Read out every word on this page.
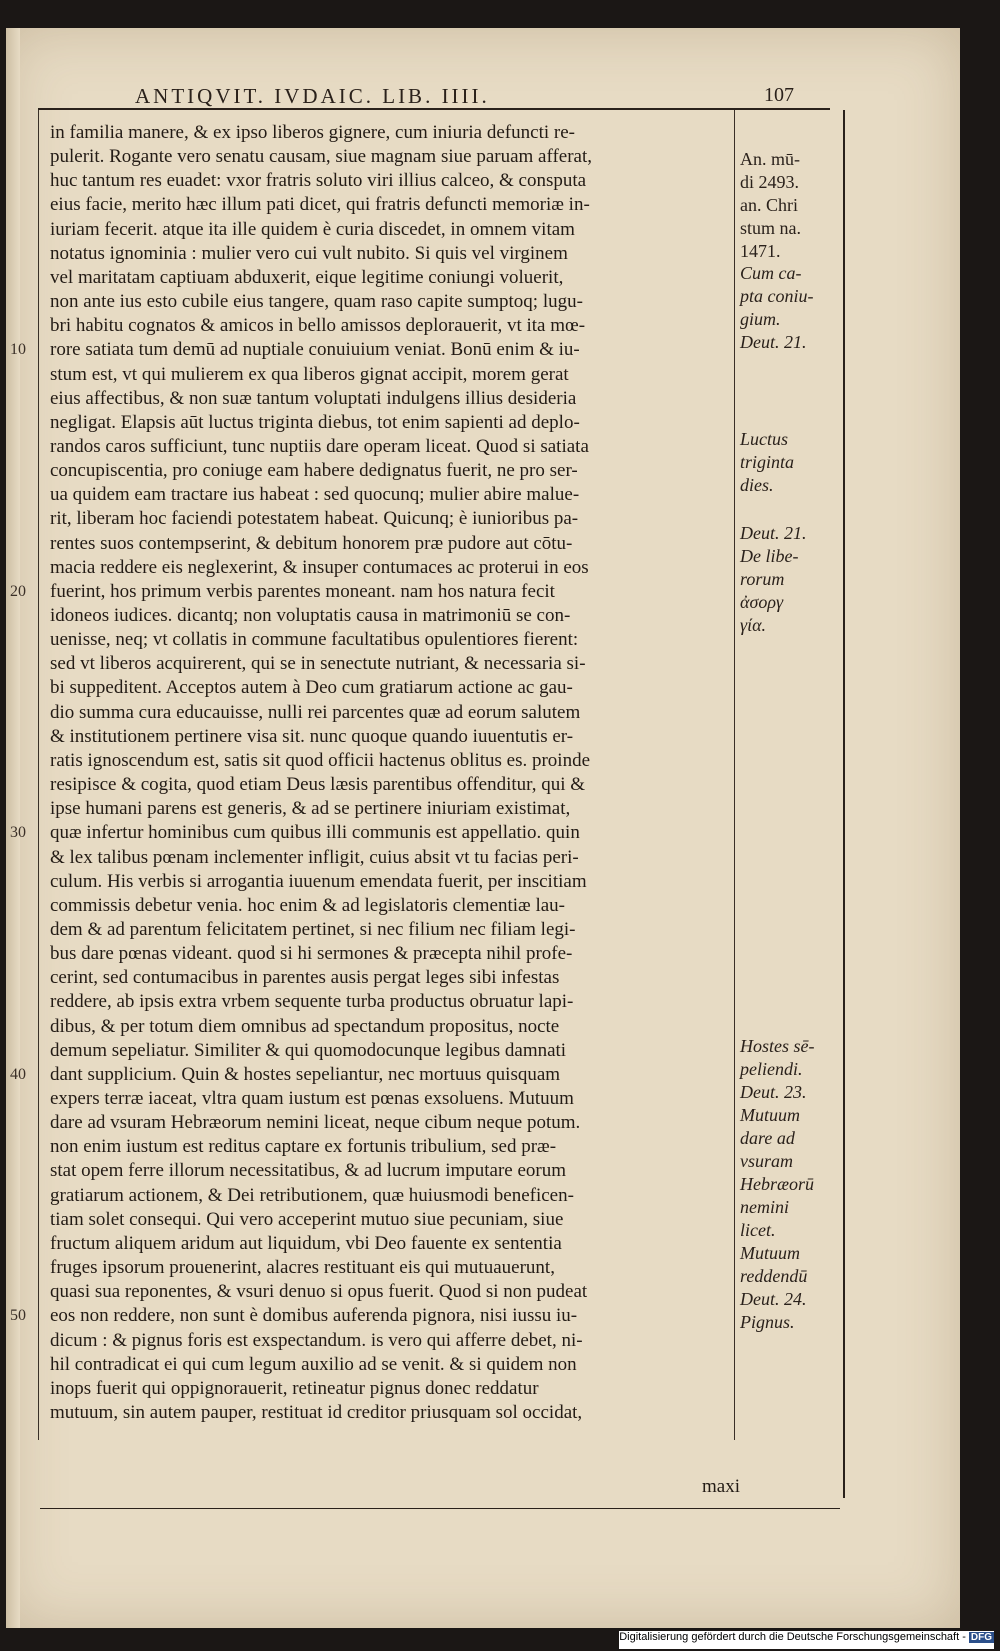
ANTIQVIT. IVDAIC. LIB. IIII.	107
in familia manere, & ex ipso liberos gignere, cum iniuria defuncti re-
pulerit. Rogante vero senatu causam, siue magnam siue paruam afferat,
huc tantum res euadet: vxor fratris soluto viri illius calceo, & consputa
eius facie, merito hæc illum pati dicet, qui fratris defuncti memoriæ in-
iuriam fecerit. atque ita ille quidem è curia discedet, in omnem vitam
notatus ignominia : mulier vero cui vult nubito. Si quis vel virginem
vel maritatam captiuam abduxerit, eique legitime coniungi voluerit,
non ante ius esto cubile eius tangere, quam raso capite sumptoq; lugu-
bri habitu cognatos & amicos in bello amissos deplorauerit, vt ita mœ-
rore satiata tum demū ad nuptiale conuiuium veniat. Bonū enim & iu-
stum est, vt qui mulierem ex qua liberos gignat accipit, morem gerat
eius affectibus, & non suæ tantum voluptati indulgens illius desideria
negligat. Elapsis aūt luctus triginta diebus, tot enim sapienti ad deplo-
randos caros sufficiunt, tunc nuptiis dare operam liceat. Quod si satiata
concupiscentia, pro coniuge eam habere dedignatus fuerit, ne pro ser-
ua quidem eam tractare ius habeat : sed quocunq; mulier abire malue-
rit, liberam hoc faciendi potestatem habeat. Quicunq; è iunioribus pa-
rentes suos contempserint, & debitum honorem præ pudore aut cōtu-
macia reddere eis neglexerint, & insuper contumaces ac proterui in eos
fuerint, hos primum verbis parentes moneant. nam hos natura fecit
idoneos iudices. dicantq; non voluptatis causa in matrimoniū se con-
uenisse, neq; vt collatis in commune facultatibus opulentiores fierent:
sed vt liberos acquirerent, qui se in senectute nutriant, & necessaria si-
bi suppeditent. Acceptos autem à Deo cum gratiarum actione ac gau-
dio summa cura educauisse, nulli rei parcentes quæ ad eorum salutem
& institutionem pertinere visa sit. nunc quoque quando iuuentutis er-
ratis ignoscendum est, satis sit quod officii hactenus oblitus es. proinde
resipisce & cogita, quod etiam Deus læsis parentibus offenditur, qui &
ipse humani parens est generis, & ad se pertinere iniuriam existimat,
quæ infertur hominibus cum quibus illi communis est appellatio. quin
& lex talibus pœnam inclementer infligit, cuius absit vt tu facias peri-
culum. His verbis si arrogantia iuuenum emendata fuerit, per inscitiam
commissis debetur venia. hoc enim & ad legislatoris clementiæ lau-
dem & ad parentum felicitatem pertinet, si nec filium nec filiam legi-
bus dare pœnas videant. quod si hi sermones & præcepta nihil profe-
cerint, sed contumacibus in parentes ausis pergat leges sibi infestas
reddere, ab ipsis extra vrbem sequente turba productus obruatur lapi-
dibus, & per totum diem omnibus ad spectandum propositus, nocte
demum sepeliatur. Similiter & qui quomodocunque legibus damnati
dant supplicium. Quin & hostes sepeliantur, nec mortuus quisquam
expers terræ iaceat, vltra quam iustum est pœnas exsoluens. Mutuum
dare ad vsuram Hebræorum nemini liceat, neque cibum neque potum.
non enim iustum est reditus captare ex fortunis tribulium, sed præ-
stat opem ferre illorum necessitatibus, & ad lucrum imputare eorum
gratiarum actionem, & Dei retributionem, quæ huiusmodi beneficen-
tiam solet consequi. Qui vero acceperint mutuo siue pecuniam, siue
fructum aliquem aridum aut liquidum, vbi Deo fauente ex sententia
fruges ipsorum prouenerint, alacres restituant eis qui mutuauerunt,
quasi sua reponentes, & vsuri denuo si opus fuerit. Quod si non pudeat
eos non reddere, non sunt è domibus auferenda pignora, nisi iussu iu-
dicum : & pignus foris est exspectandum. is vero qui afferre debet, ni-
hil contradicat ei qui cum legum auxilio ad se venit. & si quidem non
inops fuerit qui oppignorauerit, retineatur pignus donec reddatur
mutuum, sin autem pauper, restituat id creditor priusquam sol occidat,
An. mū-
di 2493.
an. Chri
stum na.
1471.
Cum ca-
pta coniu-
gium.
Deut. 21.
Luctus
triginta
dies.
Deut. 21.
De libe-
rorum
ἀσοργ
γία.
Hostes sē-
peliendi.
Deut. 23.
Mutuum
dare ad
vsuram
Hebræorū
nemini
licet.
Mutuum
reddendū
Deut. 24.
Pignus.
maxi
Digitalisierung gefördert durch die Deutsche Forschungsgemeinschaft - DFG
10
20
30
40
50
